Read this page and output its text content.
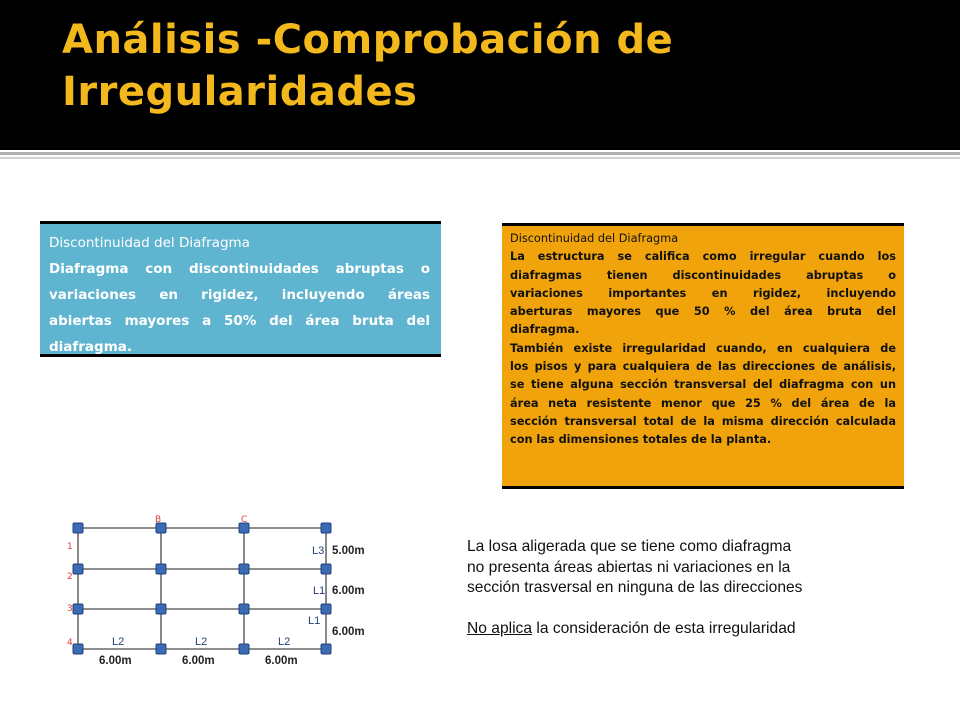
Análisis -Comprobación de
Irregularidades
Discontinuidad del Diafragma
Diafragma con discontinuidades abruptas o
variaciones en rigidez, incluyendo áreas
abiertas mayores a 50% del área bruta del
diafragma.
Discontinuidad del Diafragma
La estructura se califica como irregular cuando los
diafragmas tienen discontinuidades abruptas o
variaciones importantes en rigidez, incluyendo
aberturas mayores que 50 % del área bruta del
diafragma.
También existe irregularidad cuando, en cualquiera de
los pisos y para cualquiera de las direcciones de análisis,
se tiene alguna sección transversal del diafragma con un
área neta resistente menor que 25 % del área de la
sección transversal total de la misma dirección calculada
con las dimensiones totales de la planta.
B	C
1
2
3
4
L3
L1
L1
L2	L2	L2
5.00m
6.00m
6.00m
6.00m	6.00m	6.00m
La losa aligerada que se tiene como diafragma
no presenta áreas abiertas ni variaciones en la
sección trasversal en ninguna de las direcciones
No aplica la consideración de esta irregularidad
